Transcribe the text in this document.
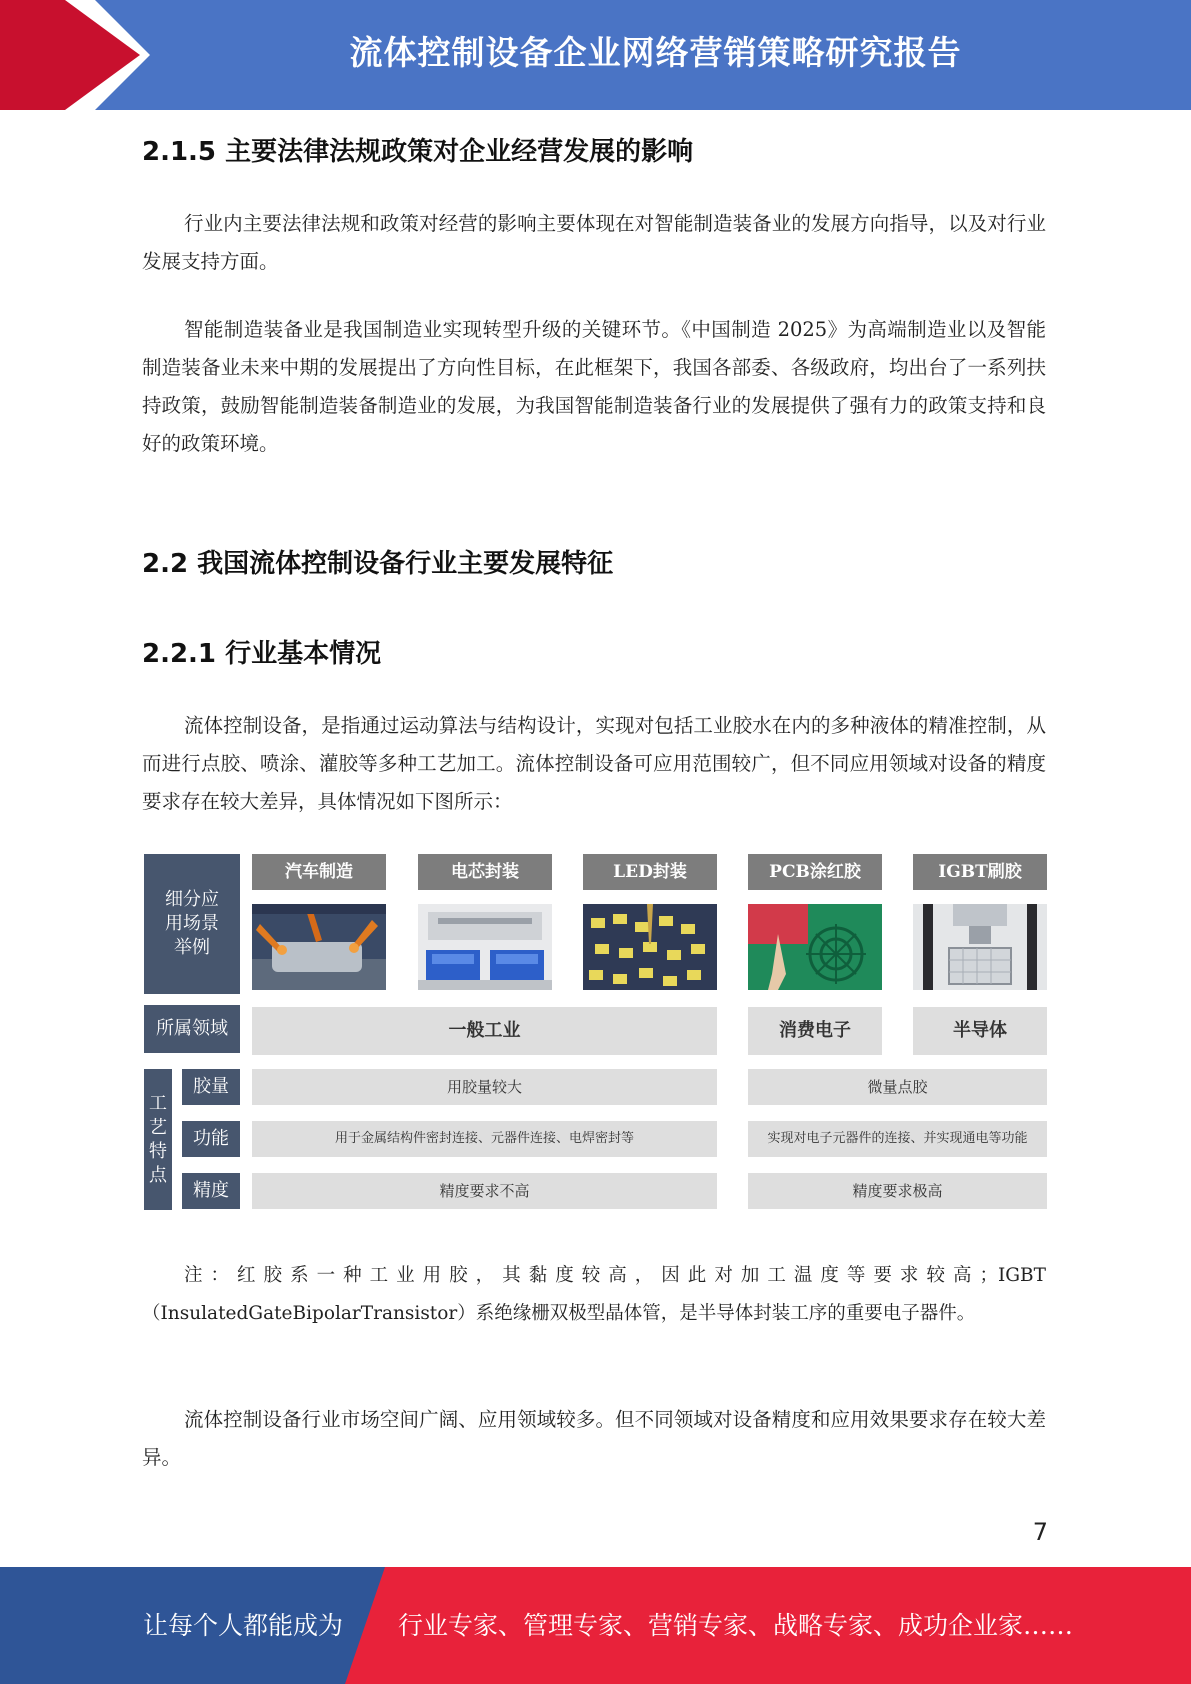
流体控制设备企业网络营销策略研究报告
2.1.5 主要法律法规政策对企业经营发展的影响
行业内主要法律法规和政策对经营的影响主要体现在对智能制造装备业的发展方向指导，以及对行业发展支持方面。
智能制造装备业是我国制造业实现转型升级的关键环节。《中国制造 2025》为高端制造业以及智能制造装备业未来中期的发展提出了方向性目标，在此框架下，我国各部委、各级政府，均出台了一系列扶持政策，鼓励智能制造装备制造业的发展，为我国智能制造装备行业的发展提供了强有力的政策支持和良好的政策环境。
2.2 我国流体控制设备行业主要发展特征
2.2.1 行业基本情况
流体控制设备，是指通过运动算法与结构设计，实现对包括工业胶水在内的多种液体的精准控制，从而进行点胶、喷涂、灌胶等多种工艺加工。流体控制设备可应用范围较广，但不同应用领域对设备的精度要求存在较大差异，具体情况如下图所示：
细分应用场景举例
汽车制造	电芯封装	LED封装	PCB涂红胶	IGBT刷胶
所属领域	一般工业	消费电子	半导体
工艺特点
胶量	用胶量较大	微量点胶
功能	用于金属结构件密封连接、元器件连接、电焊密封等	实现对电子元器件的连接、并实现通电等功能
精度	精度要求不高	精度要求极高
注：红胶系一种工业用胶，其黏度较高，因此对加工温度等要求较高；IGBT（InsulatedGateBipolarTransistor）系绝缘栅双极型晶体管，是半导体封装工序的重要电子器件。
流体控制设备行业市场空间广阔、应用领域较多。但不同领域对设备精度和应用效果要求存在较大差异。
7
让每个人都能成为 行业专家、管理专家、营销专家、战略专家、成功企业家……
